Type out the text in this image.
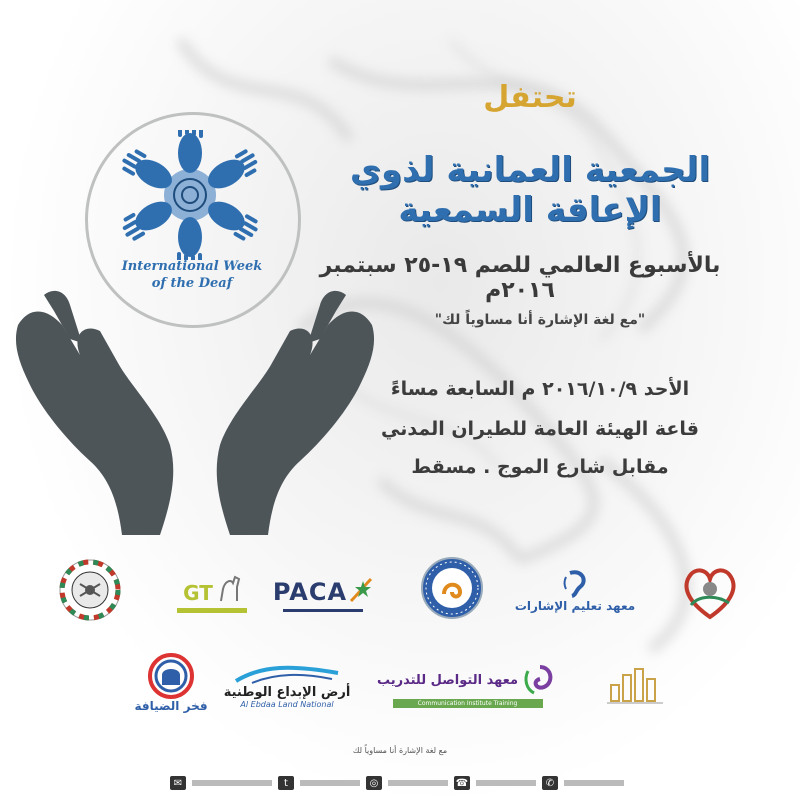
تحتفل
الجمعية العمانية لذوي الإعاقة السمعية
بالأسبوع العالمي للصم ١٩-٢٥ سبتمبر ٢٠١٦م
"مع لغة الإشارة أنا مساوياً لك"
الأحد ٢٠١٦/١٠/٩ م السابعة مساءً
قاعة الهيئة العامة للطيران المدني
مقابل شارع الموج . مسقط
International Week
of the Deaf
GT	PACA
معهد تعليم الإشارات
فخر الضيافة
أرض الإبداع الوطنية
Al Ebdaa Land National
معهد التواصل للتدريب
Communication Institute Training
مع لغة الإشارة أنا مساوياً لك
✉	t	◎	☎	✆
